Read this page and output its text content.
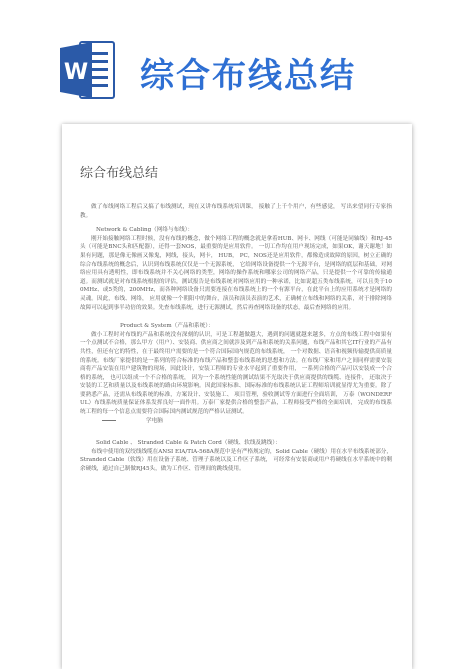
W 综合布线总结
综合布线总结

做了布线网络工程后又搞了布线测试，现在又讲布线系统培训课， 接触了上千个用户，有些感觉， 写出来望同行专家指教。

Network & Cabling（网络与布线）：

刚开始接触网络工程时候，没有布线的概念，做个网络工程的概念就是拿着HUB、网卡、网线（可能是同轴线）和RJ-45头（可能是BNC头和匹配器），还得一套NOS，最重要的是应用软件。 一切工作均在用户现场完成，如果OK，谢天谢地！如果有问题，那是像无像画又像鬼，网线，接头，网卡， HUB， PC，NOS还是应用软件，都像造成故障的原因，树立正确的综合布线系统的概念后，认识到布线系统仅仅是一个无源系统， 它给网络设备提供一个无源平台，是网络的底层和基础，对网络应用具有透明性，即布线系统并不关心网络的类型，网络的操作系统和哪家公司的网络产品，只是提供一个可靠的传输通道。而测试就是对布线系统根据的评估，测试报告是布线系统对网络应用的一种承诺，比如说超五类布线系统，可以且类于100MHz、或5类的，200MHz，而各种网络设备只需要连接在布线系统上的一个有源平台，在此平台上的应用系统才是网络的灵魂。因此，布线、网络， 应用就像一个朝阳中的舞台，演员和演员表演的艺术，正确树立布线和网络的关系，对于排除网络故障可以起到事半功倍的效果。先查布线系统，进行无源测试，然后再查网络设备的状态，最后查网络的应用。

Product & System（产品和系统）：

做小工程时对布线的产品和系统没有深刻的认识，可是工程越做越大，遇到的问题就越来越多，方点的布线工程中如果有一个点测试不合格，那么甲方（用户）、安装商、供应商之间就涉及到产品和系统的关系问题，布线产品和其它IT行业的产品有共性，但还有它的特性，在于最终用户需要的是一个符合国际国内规范的布线系统， 一个对数据、语音和视频传输提供高质量的系统。布线厂家提供的是一系列的符合标准的布线产品和整套布线系统的思想和方法。在布线厂家和用户之间同样需要安装商将产品安装在用户建筑物的现场，因此设计，安装工程师的专业水平起到了重要作用， 一系列合格的产品可以安装成一个合格的系统， 也可以组成一个不合格的系统， 因为一个系统性能的测试结果不光取决于供应商提供的线缆、连接件， 还取决于安装的工艺和质量以及布线系统的路由环境影响。因此国家标准、国际标准的布线系统认证工程师培训就显得尤为重要。除了要熟悉产品，还需从布线系统的标准，方案设计、安装施工、 项目管理，验收测试等方面进行全面培训， 万泰（WONDERFUL）布线系统质量保证体系发挥良好一面作用。万泰厂家提供合格的整套产品，工程师接受严格的全面培训， 完成的布线系统工程的每一个信息点需要符合国际国内测试规范的严格认证测试。

学电脑

Solid Cable 、 Stranded Cable & Patch Cord（硬线、软线及跳线）：

布线中使用的双绞线线缆在ANSI EIA/TIA-568A规范中是有严格规定的，Solid Cable（硬线）用在水平布线系统部分， Stranded Cable（软线）用在设备子系统、管理子系统以及工作区子系统， 可经常有安装商或用户将硬线在水平系统中的剩余硬线，通过自己制做RJ45头，做为工作区、管理间的跳线使用。
